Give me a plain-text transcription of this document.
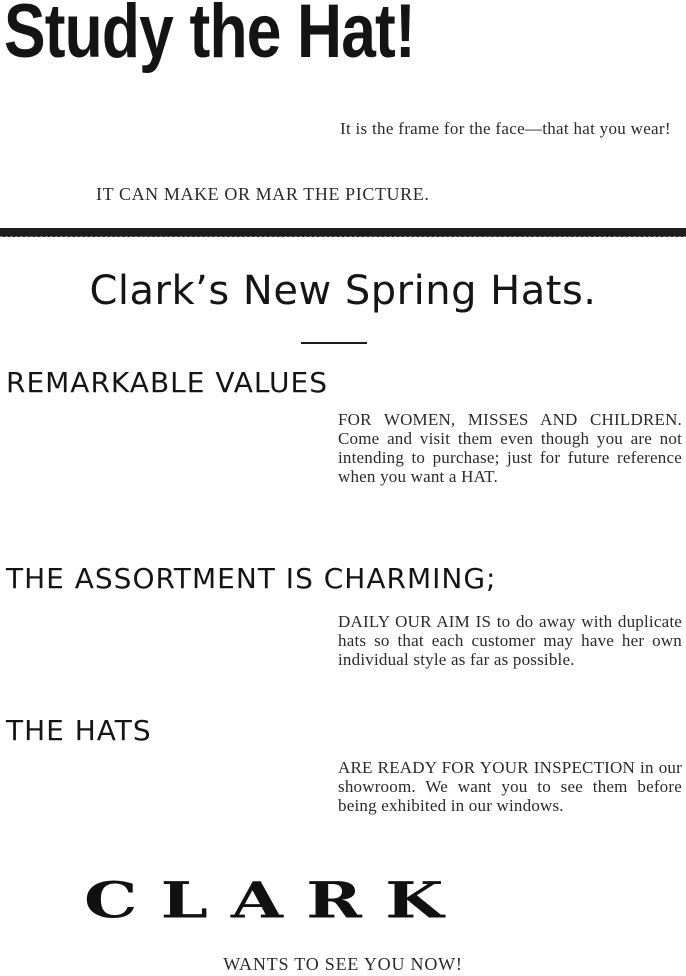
Study the Hat!
It is the frame for the face—that hat you wear!
IT CAN MAKE OR MAR THE PICTURE.
Clark’s New Spring Hats.
REMARKABLE VALUES
FOR WOMEN, MISSES AND CHILDREN. Come and visit them even though you are not intending to purchase; just for future reference when you want a HAT.
THE ASSORTMENT IS CHARMING;
DAILY OUR AIM IS to do away with duplicate hats so that each customer may have her own individual style as far as possible.
THE HATS
ARE READY FOR YOUR INSPECTION in our showroom. We want you to see them before being exhibited in our windows.
CLARK
WANTS TO SEE YOU NOW!
